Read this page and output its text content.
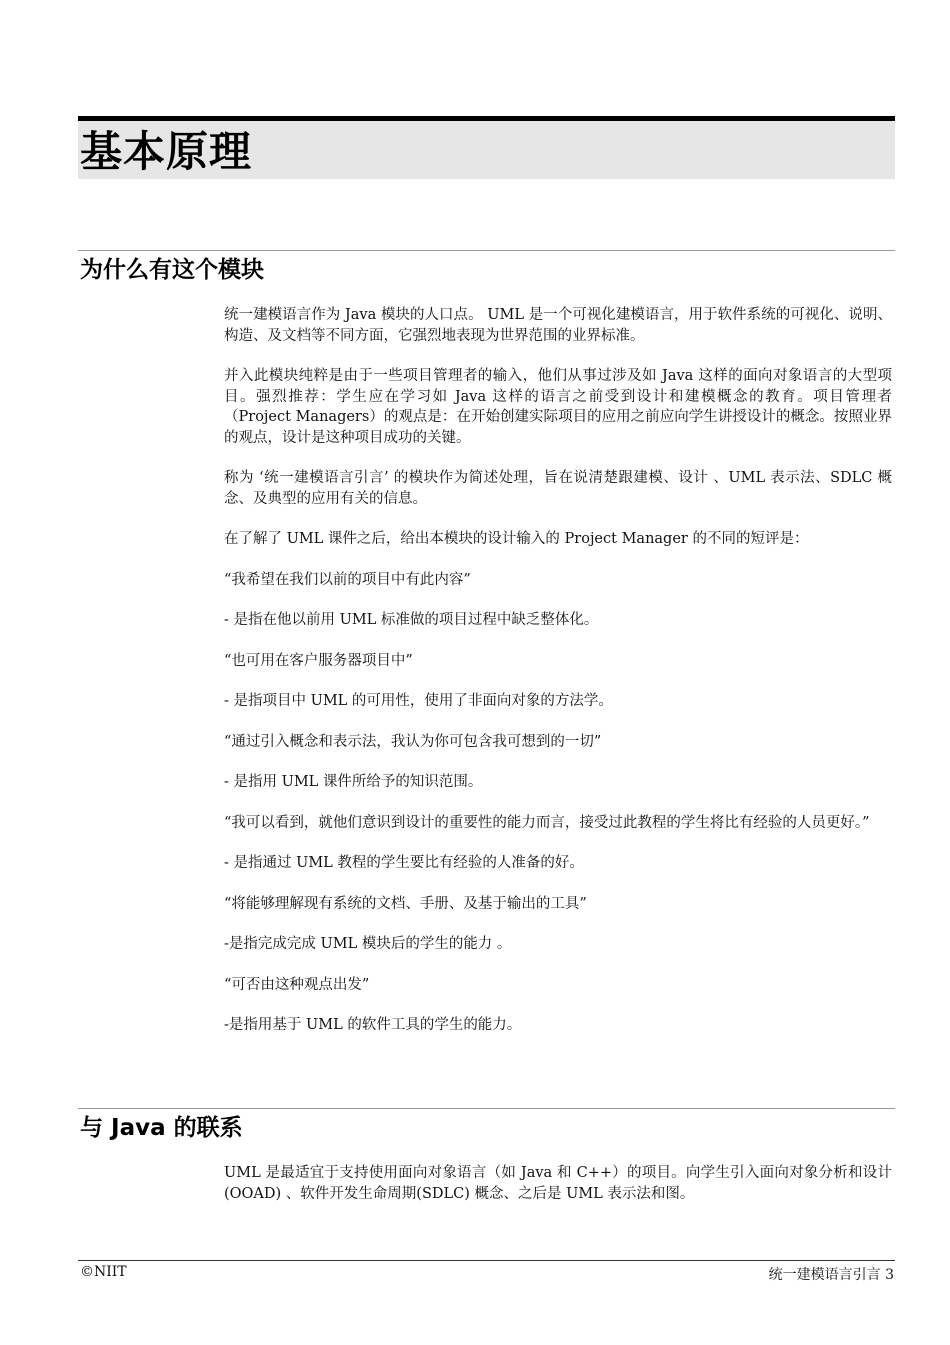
基本原理
为什么有这个模块

统一建模语言作为 Java 模块的人口点。 UML 是一个可视化建模语言，用于软件系统的可视化、说明、构造、及文档等不同方面，它强烈地表现为世界范围的业界标准。

并入此模块纯粹是由于一些项目管理者的输入，他们从事过涉及如 Java 这样的面向对象语言的大型项目。强烈推荐：学生应在学习如 Java 这样的语言之前受到设计和建模概念的教育。项目管理者（Project Managers）的观点是：在开始创建实际项目的应用之前应向学生讲授设计的概念。按照业界的观点，设计是这种项目成功的关键。

称为 ‘统一建模语言引言’ 的模块作为简述处理，旨在说清楚跟建模、设计 、UML 表示法、SDLC 概念、及典型的应用有关的信息。

在了解了 UML 课件之后，给出本模块的设计输入的 Project Manager 的不同的短评是：

“我希望在我们以前的项目中有此内容”

- 是指在他以前用 UML 标准做的项目过程中缺乏整体化。

“也可用在客户服务器项目中”

- 是指项目中 UML 的可用性，使用了非面向对象的方法学。

“通过引入概念和表示法，我认为你可包含我可想到的一切”

- 是指用 UML 课件所给予的知识范围。

“我可以看到，就他们意识到设计的重要性的能力而言，接受过此教程的学生将比有经验的人员更好。”

- 是指通过 UML 教程的学生要比有经验的人准备的好。

“将能够理解现有系统的文档、手册、及基于输出的工具”

-是指完成完成 UML 模块后的学生的能力 。

“可否由这种观点出发”

-是指用基于 UML 的软件工具的学生的能力。

与 Java 的联系

UML 是最适宜于支持使用面向对象语言（如 Java 和 C++）的项目。向学生引入面向对象分析和设计(OOAD) 、软件开发生命周期(SDLC) 概念、之后是 UML 表示法和图。

©NIIT	统一建模语言引言 3
